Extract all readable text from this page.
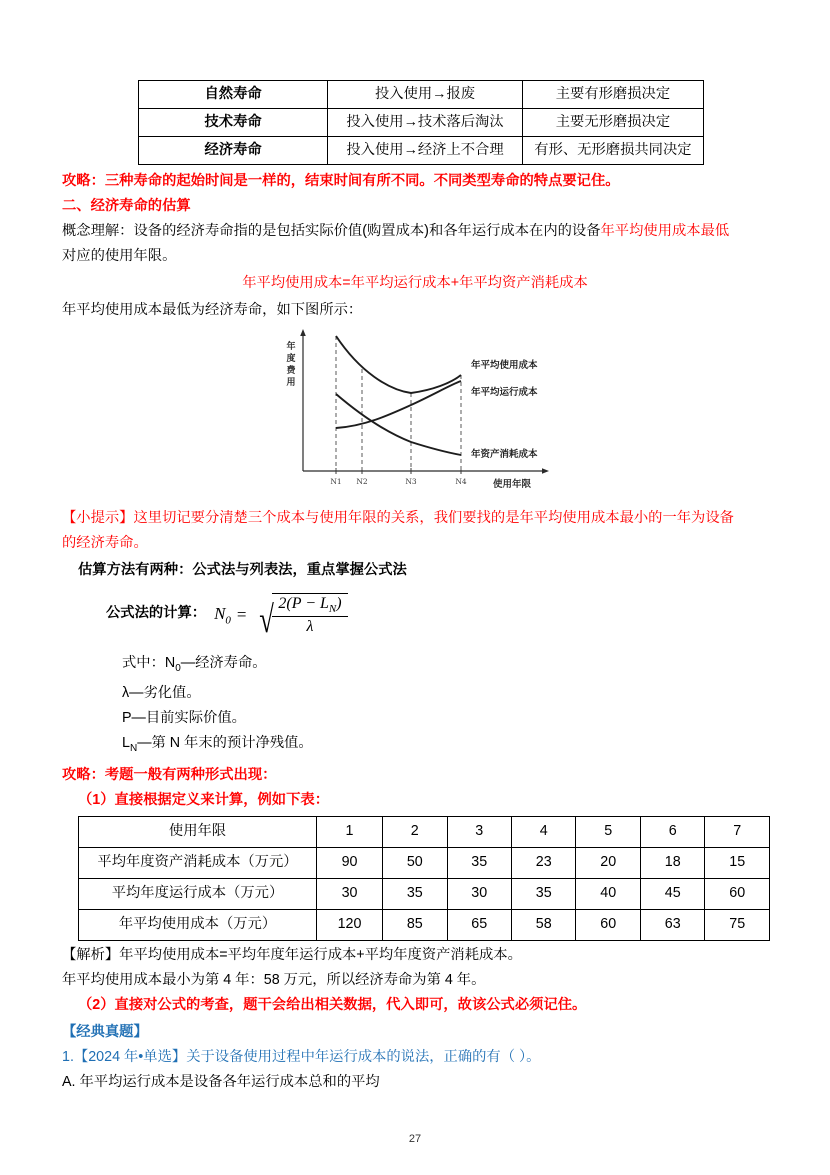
自然寿命	投入使用→报废	主要有形磨损决定
技术寿命	投入使用→技术落后淘汰	主要无形磨损决定
经济寿命	投入使用→经济上不合理	有形、无形磨损共同决定
攻略：三种寿命的起始时间是一样的，结束时间有所不同。不同类型寿命的特点要记住。
二、经济寿命的估算
概念理解：设备的经济寿命指的是包括实际价值(购置成本)和各年运行成本在内的设备年平均使用成本最低
对应的使用年限。
年平均使用成本=年平均运行成本+年平均资产消耗成本
年平均使用成本最低为经济寿命，如下图所示：
年
度
费
用
N1 N2	N3	N4	使用年限
年平均使用成本
年平均运行成本
年资产消耗成本
【小提示】这里切记要分清楚三个成本与使用年限的关系，我们要找的是年平均使用成本最小的一年为设备
的经济寿命。
估算方法有两种：公式法与列表法，重点掌握公式法
公式法的计算： $N_0$ = √ $\frac{2(P - L_N)}{\lambda}$
式中：$N_0—$经济寿命。
λ—劣化值。
P—目前实际价值。
$L_N—$第 N 年末的预计净残值。
攻略：考题一般有两种形式出现：
（1）直接根据定义来计算，例如下表：
使用年限	1	2	3	4	5	6	7
平均年度资产消耗成本（万元）	90	50	35	23	20	18	15
平均年度运行成本（万元）	30	35	30	35	40	45	60
年平均使用成本（万元）	120	85	65	58	60	63	75
【解析】年平均使用成本=平均年度年运行成本+平均年度资产消耗成本。
年平均使用成本最小为第 4 年：58 万元，所以经济寿命为第 4 年。
（2）直接对公式的考查，题干会给出相关数据，代入即可，故该公式必须记住。
【经典真题】
1.【2024 年•单选】关于设备使用过程中年运行成本的说法，正确的有（ ）。
A. 年平均运行成本是设备各年运行成本总和的平均
27
